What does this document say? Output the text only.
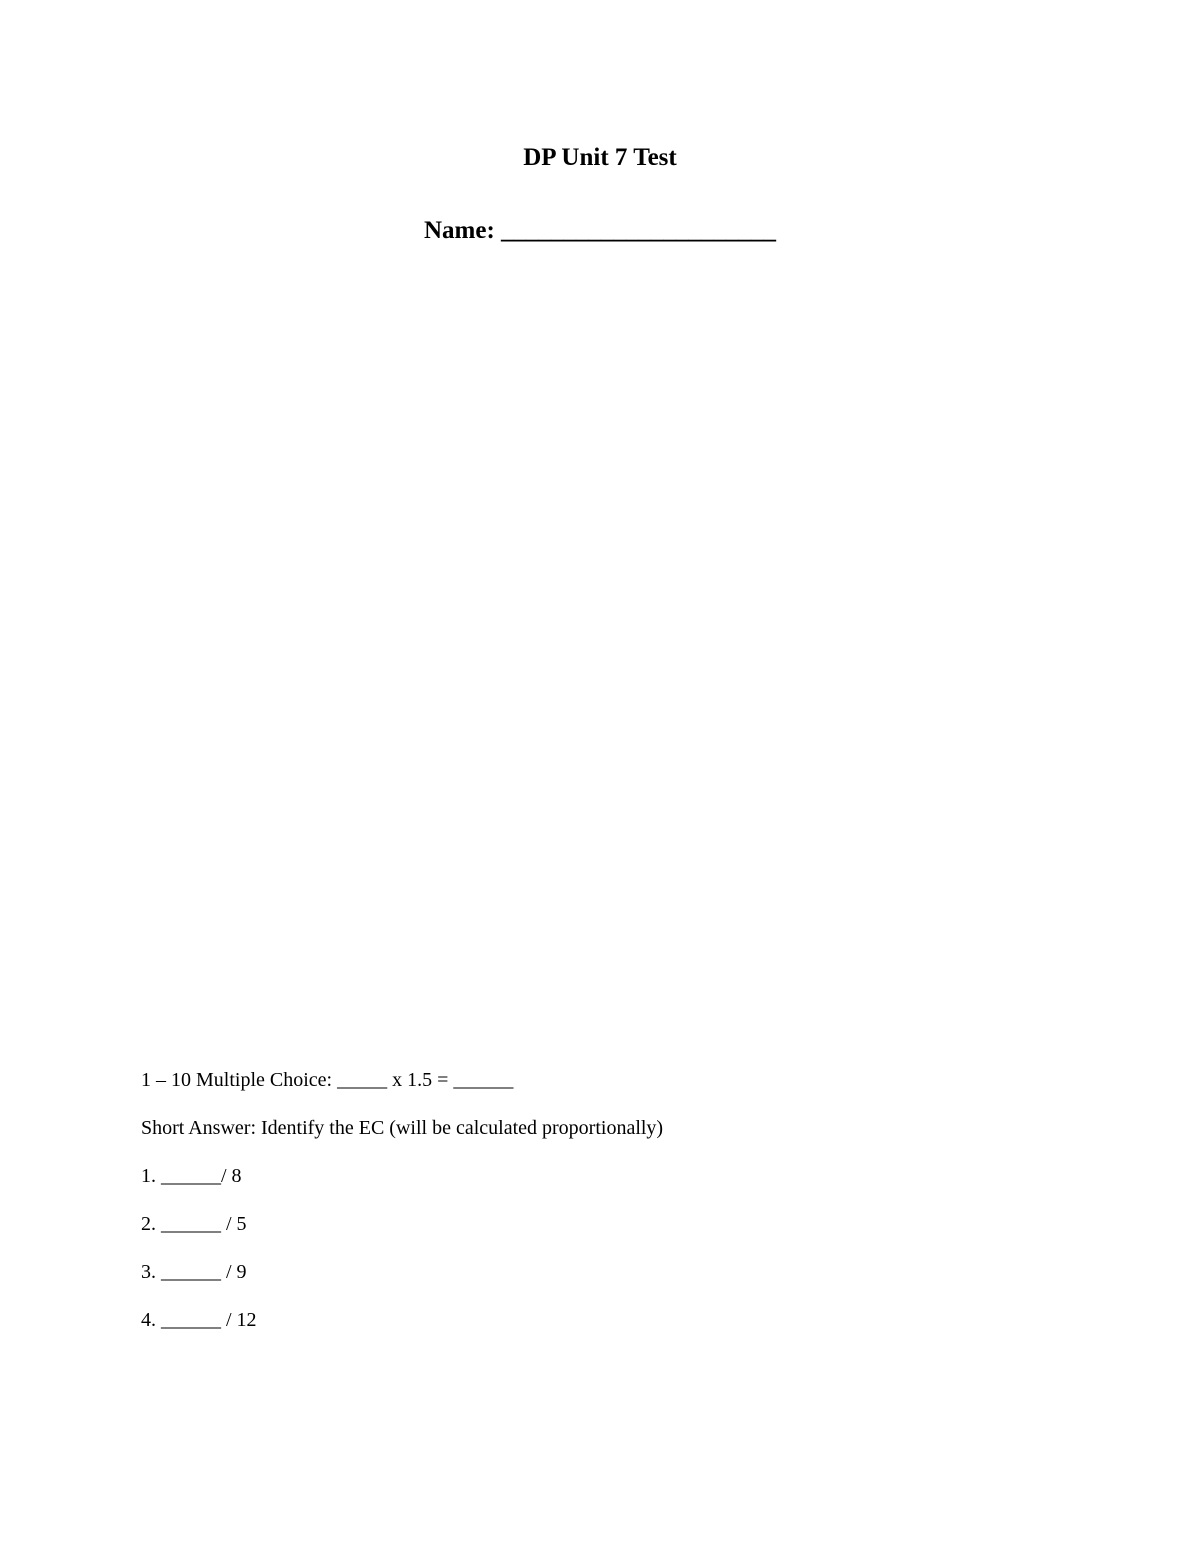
DP Unit 7 Test
Name: ______________________
1 – 10 Multiple Choice: _____ x 1.5 = ______
Short Answer: Identify the EC (will be calculated proportionally)
1. ______/ 8
2. ______ / 5
3. ______ / 9
4. ______ / 12
